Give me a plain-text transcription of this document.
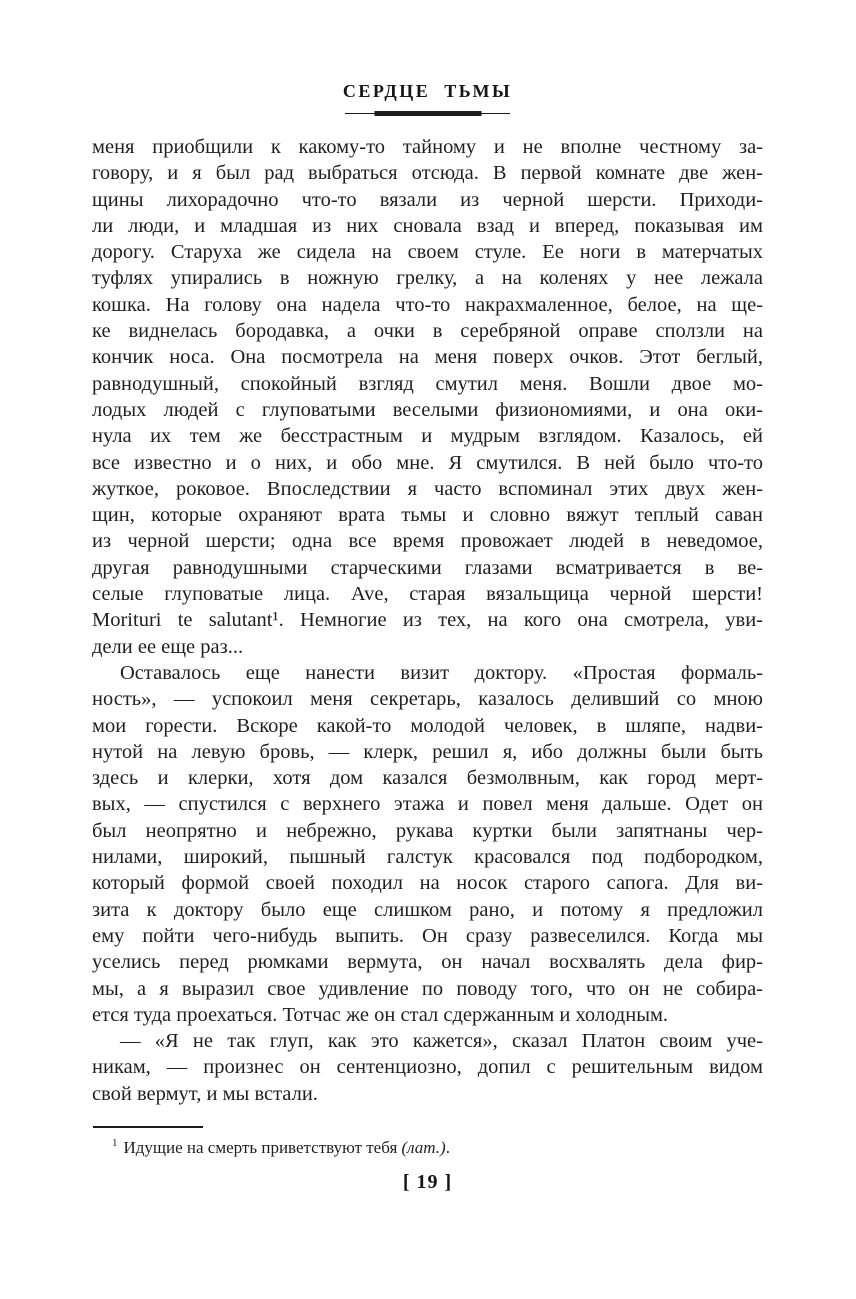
СЕРДЦЕ ТЬМЫ
меня приобщили к какому-то тайному и не вполне честному за-
говору, и я был рад выбраться отсюда. В первой комнате две жен-
щины лихорадочно что-то вязали из черной шерсти. Приходи-
ли люди, и младшая из них сновала взад и вперед, показывая им
дорогу. Старуха же сидела на своем стуле. Ее ноги в матерчатых
туфлях упирались в ножную грелку, а на коленях у нее лежала
кошка. На голову она надела что-то накрахмаленное, белое, на ще-
ке виднелась бородавка, а очки в серебряной оправе сползли на
кончик носа. Она посмотрела на меня поверх очков. Этот беглый,
равнодушный, спокойный взгляд смутил меня. Вошли двое мо-
лодых людей с глуповатыми веселыми физиономиями, и она оки-
нула их тем же бесстрастным и мудрым взглядом. Казалось, ей
все известно и о них, и обо мне. Я смутился. В ней было что-то
жуткое, роковое. Впоследствии я часто вспоминал этих двух жен-
щин, которые охраняют врата тьмы и словно вяжут теплый саван
из черной шерсти; одна все время провожает людей в неведомое,
другая равнодушными старческими глазами всматривается в ве-
селые глуповатые лица. Ave, старая вязальщица черной шерсти!
Morituri te salutant¹. Немногие из тех, на кого она смотрела, уви-
дели ее еще раз...
Оставалось еще нанести визит доктору. «Простая формаль-
ность», — успокоил меня секретарь, казалось деливший со мною
мои горести. Вскоре какой-то молодой человек, в шляпе, надви-
нутой на левую бровь, — клерк, решил я, ибо должны были быть
здесь и клерки, хотя дом казался безмолвным, как город мерт-
вых, — спустился с верхнего этажа и повел меня дальше. Одет он
был неопрятно и небрежно, рукава куртки были запятнаны чер-
нилами, широкий, пышный галстук красовался под подбородком,
который формой своей походил на носок старого сапога. Для ви-
зита к доктору было еще слишком рано, и потому я предложил
ему пойти чего-нибудь выпить. Он сразу развеселился. Когда мы
уселись перед рюмками вермута, он начал восхвалять дела фир-
мы, а я выразил свое удивление по поводу того, что он не собира-
ется туда проехаться. Тотчас же он стал сдержанным и холодным.
— «Я не так глуп, как это кажется», сказал Платон своим уче-
никам, — произнес он сентенциозно, допил с решительным видом
свой вермут, и мы встали.
$^1$ Идущие на смерть приветствуют тебя (лат.).
[ 19 ]
